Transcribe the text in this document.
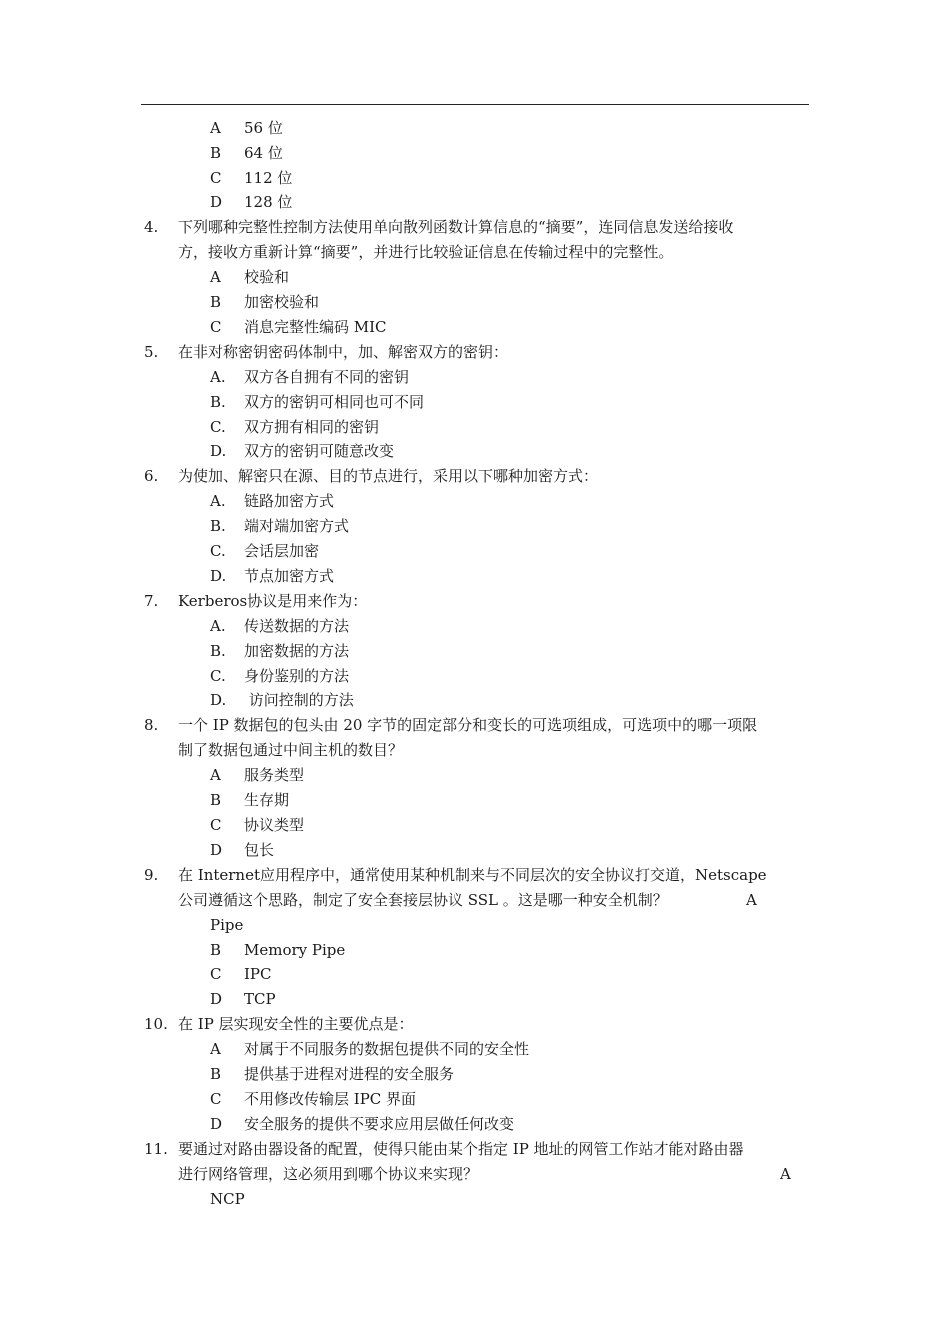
A 56 位
B 64 位
C 112 位
D 128 位
4. 下列哪种完整性控制方法使用单向散列函数计算信息的“摘要”，连同信息发送给接收
方，接收方重新计算“摘要”，并进行比较验证信息在传输过程中的完整性。
A 校验和
B 加密校验和
C 消息完整性编码 MIC
5. 在非对称密钥密码体制中，加、解密双方的密钥：
A. 双方各自拥有不同的密钥
B. 双方的密钥可相同也可不同
C. 双方拥有相同的密钥
D. 双方的密钥可随意改变
6. 为使加、解密只在源、目的节点进行，采用以下哪种加密方式：
A. 链路加密方式
B. 端对端加密方式
C. 会话层加密
D. 节点加密方式
7. Kerberos协议是用来作为：
A. 传送数据的方法
B. 加密数据的方法
C. 身份鉴别的方法
D. 访问控制的方法
8. 一个 IP 数据包的包头由 20 字节的固定部分和变长的可选项组成，可选项中的哪一项限
制了数据包通过中间主机的数目？
A 服务类型
B 生存期
C 协议类型
D 包长
9. 在 Internet应用程序中，通常使用某种机制来与不同层次的安全协议打交道，Netscape
公司遵循这个思路，制定了安全套接层协议 SSL 。这是哪一种安全机制？	A
Pipe
B Memory Pipe
C IPC
D TCP
10. 在 IP 层实现安全性的主要优点是：
A 对属于不同服务的数据包提供不同的安全性
B 提供基于进程对进程的安全服务
C 不用修改传输层 IPC 界面
D 安全服务的提供不要求应用层做任何改变
11. 要通过对路由器设备的配置，使得只能由某个指定 IP 地址的网管工作站才能对路由器
进行网络管理，这必须用到哪个协议来实现？	A
NCP
